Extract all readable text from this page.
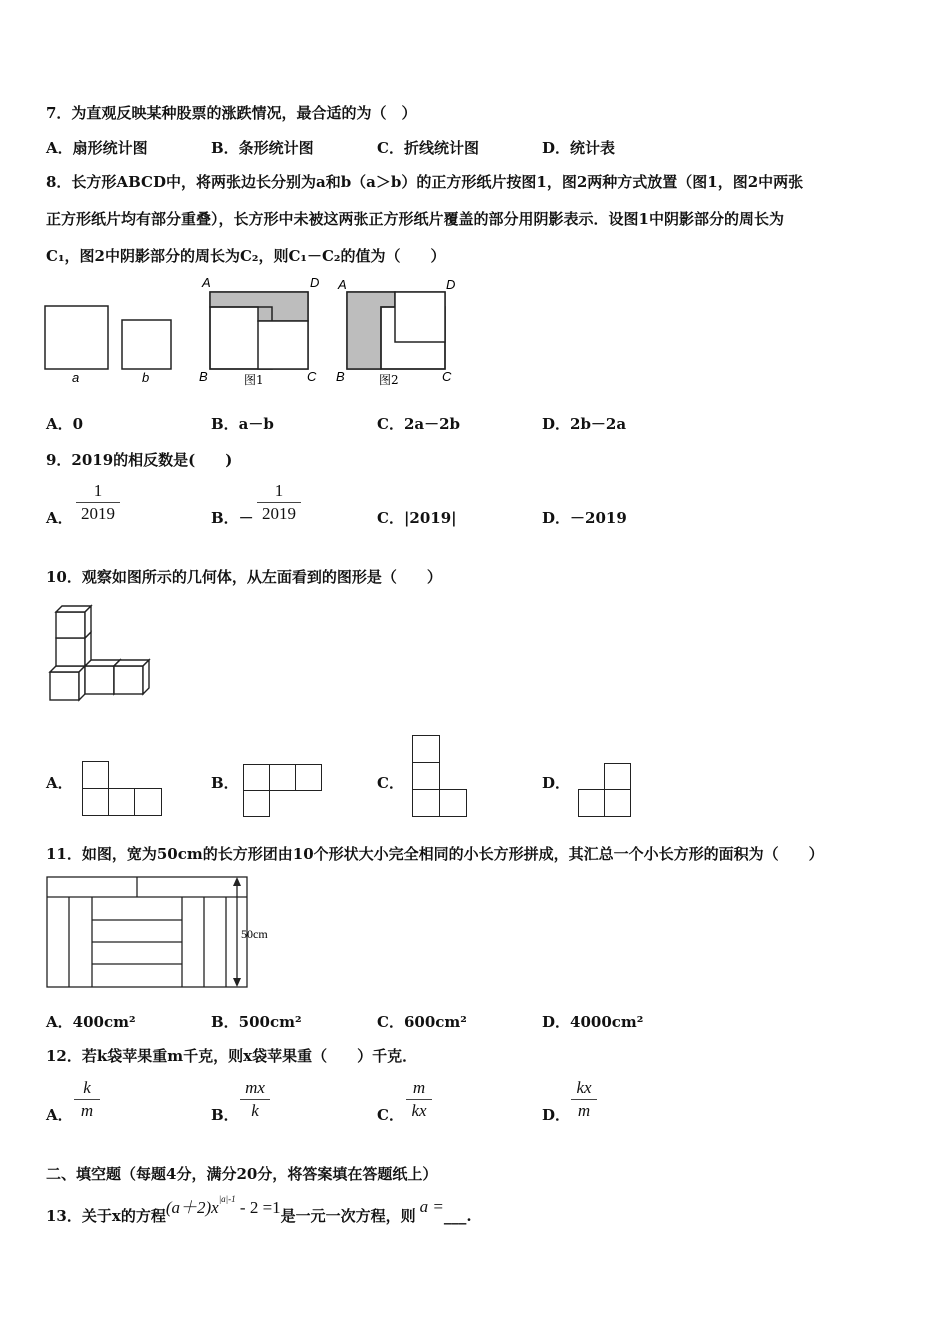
7．为直观反映某种股票的涨跌情况，最合适的为（　）
A．扇形统计图	B．条形统计图	C．折线统计图	D．统计表
8．长方形ABCD中，将两张边长分别为a和b（a＞b）的正方形纸片按图1，图2两种方式放置（图1，图2中两张
正方形纸片均有部分重叠），长方形中未被这两张正方形纸片覆盖的部分用阴影表示．设图1中阴影部分的周长为
C₁，图2中阴影部分的周长为C₂，则C₁－C₂的值为（　　）
a	b
A	D
B	C
图1
A	D
B	C
图2
A．0	B．a－b	C．2a－2b	D．2b－2a
9．2019的相反数是(　　)
A．
1
2019	B．－
1
2019	C．|2019|	D．－2019
10．观察如图所示的几何体，从左面看到的图形是（　　）
A．	B．	C．	D．
11．如图，宽为50cm的长方形团由10个形状大小完全相同的小长方形拼成，其汇总一个小长方形的面积为（　　）
50cm
A．400cm²	B．500cm²	C．600cm²	D．4000cm²
12．若k袋苹果重m千克，则x袋苹果重（　　）千克．
A．
k
m	B．
mx
k	C．
m
kx	D．
kx
m
二、填空题（每题4分，满分20分，将答案填在答题纸上）
13．关于x的方程$(a+2)x^{|a|-1} - 2 =1$是一元一次方程，则 a =___.
